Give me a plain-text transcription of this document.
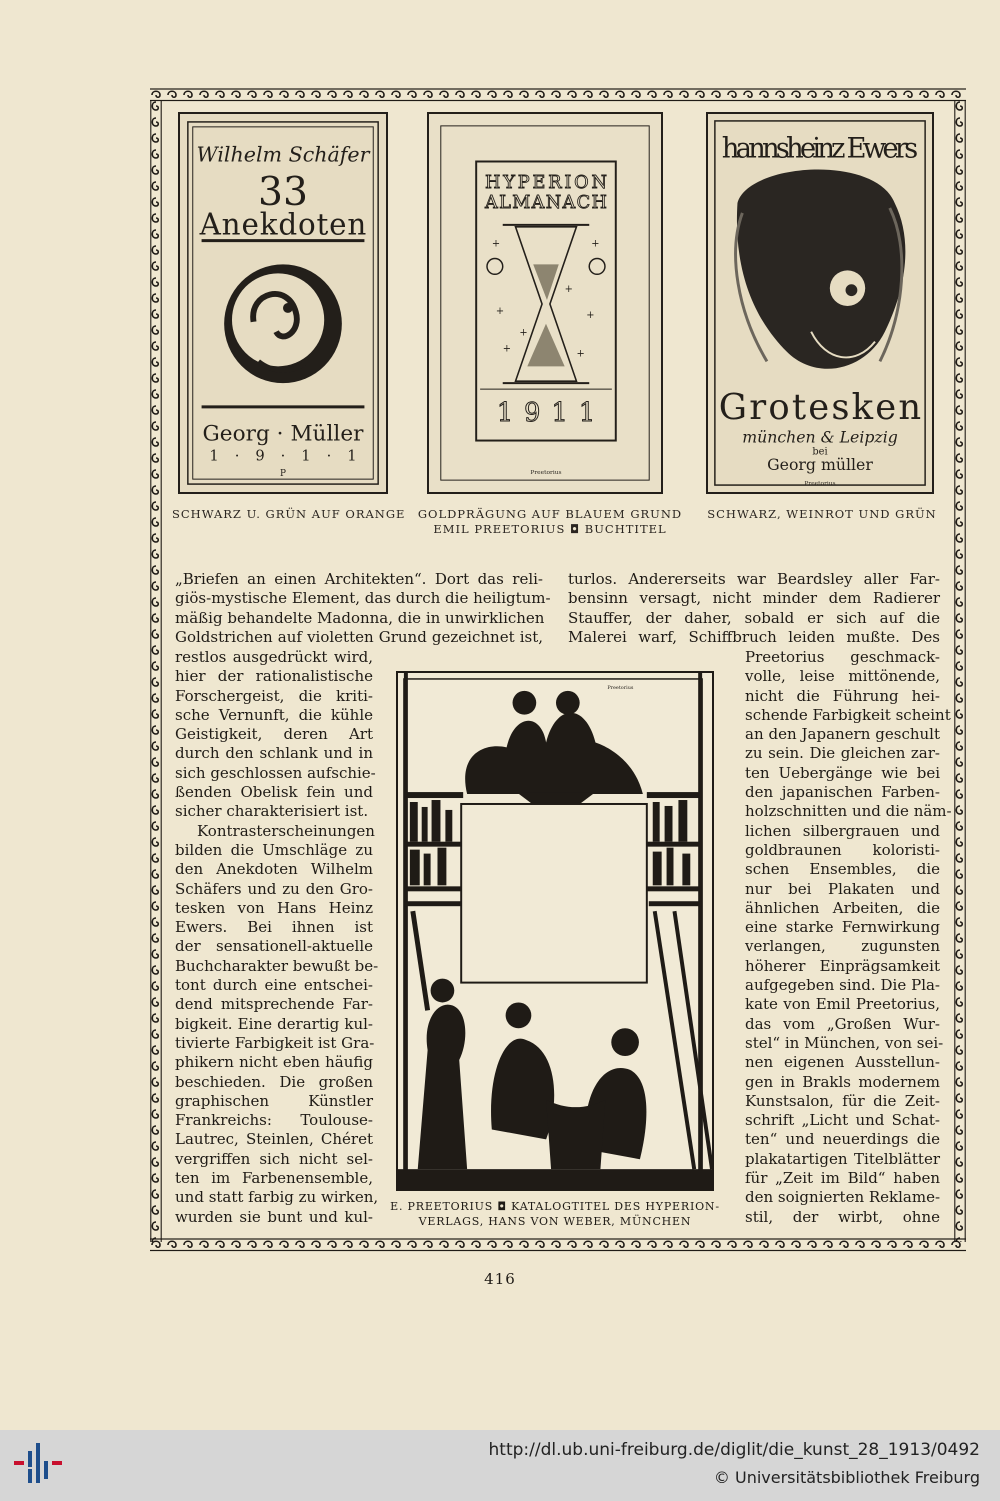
Wilhelm Schäfer
33
Anekdoten
Georg · Müller
1 · 9 · 1 · 1
P
HYPERION
ALMANACH
+	+
+	+
+	+
+
+
1911
Preetorius
hannsheinz Ewers
Grotesken
münchen & Leipzig
bei
Georg müller
Preetorius
SCHWARZ U. GRÜN AUF ORANGE	GOLDPRÄGUNG AUF BLAUEM GRUND
EMIL PREETORIUS ◘ BUCHTITEL
SCHWARZ, WEINROT UND GRÜN
„Briefen an einen Architekten“. Dort das reli-
giös-mystische Element, das durch die heiligtum-
mäßig behandelte Madonna, die in unwirklichen
Goldstrichen auf violetten Grund gezeichnet ist,
turlos. Andererseits war Beardsley aller Far-
bensinn versagt, nicht minder dem Radierer
Stauffer, der daher, sobald er sich auf die
Malerei warf, Schiffbruch leiden mußte. Des
restlos ausgedrückt wird,
hier der rationalistische
Forschergeist, die kriti-
sche Vernunft, die kühle
Geistigkeit, deren Art
durch den schlank und in
sich geschlossen aufschie-
ßenden Obelisk fein und
sicher charakterisiert ist.
Kontrasterscheinungen
bilden die Umschläge zu
den Anekdoten Wilhelm
Schäfers und zu den Gro-
tesken von Hans Heinz
Ewers. Bei ihnen ist
der sensationell-aktuelle
Buchcharakter bewußt be-
tont durch eine entschei-
dend mitsprechende Far-
bigkeit. Eine derartig kul-
tivierte Farbigkeit ist Gra-
phikern nicht eben häufig
beschieden. Die großen
graphischen Künstler
Frankreichs: Toulouse-
Lautrec, Steinlen, Chéret
vergriffen sich nicht sel-
ten im Farbenensemble,
und statt farbig zu wirken,
wurden sie bunt und kul-
Preetorius geschmack-
volle, leise mittönende,
nicht die Führung hei-
schende Farbigkeit scheint
an den Japanern geschult
zu sein. Die gleichen zar-
ten Uebergänge wie bei
den japanischen Farben-
holzschnitten und die näm-
lichen silbergrauen und
goldbraunen koloristi-
schen Ensembles, die
nur bei Plakaten und
ähnlichen Arbeiten, die
eine starke Fernwirkung
verlangen, zugunsten
höherer Einprägsamkeit
aufgegeben sind. Die Pla-
kate von Emil Preetorius,
das vom „Großen Wur-
stel“ in München, von sei-
nen eigenen Ausstellun-
gen in Brakls modernem
Kunstsalon, für die Zeit-
schrift „Licht und Schat-
ten“ und neuerdings die
plakatartigen Titelblätter
für „Zeit im Bild“ haben
den soignierten Reklame-
stil, der wirbt, ohne
Preetorius
E. PREETORIUS ◘ KATALOGTITEL DES HYPERION-
VERLAGS, HANS VON WEBER, MÜNCHEN
416
http://dl.ub.uni-freiburg.de/diglit/die_kunst_28_1913/0492
© Universitätsbibliothek Freiburg
